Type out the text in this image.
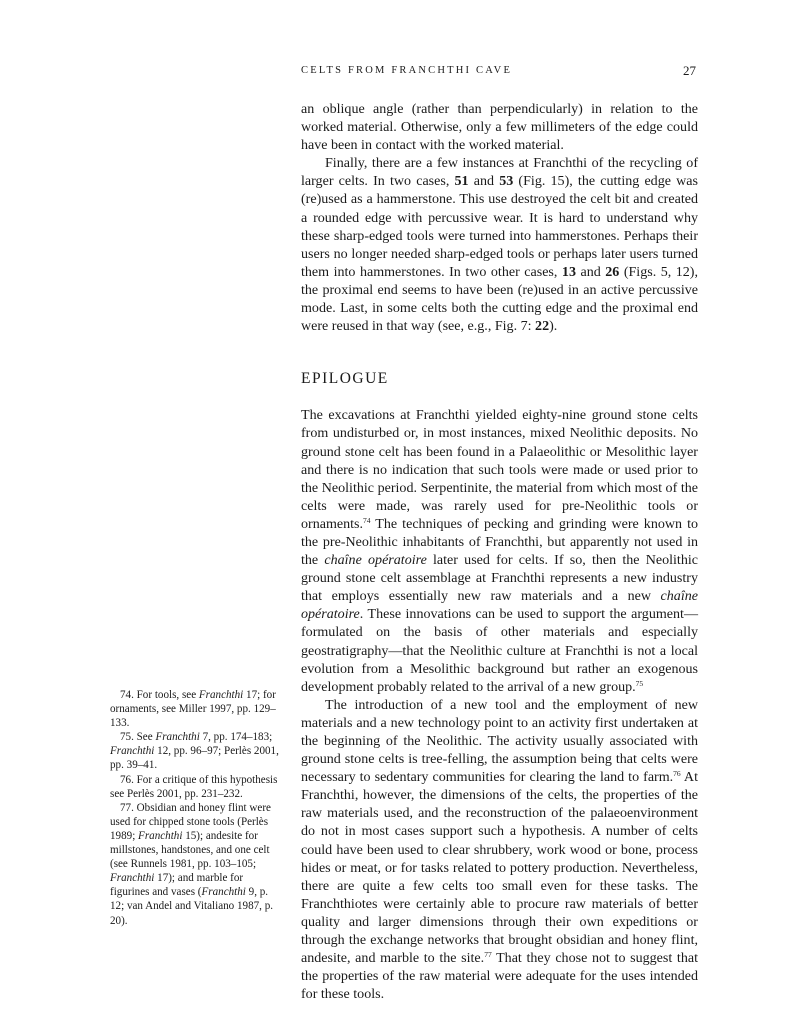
CELTS FROM FRANCHTHI CAVE	27

an oblique angle (rather than perpendicularly) in relation to the worked material. Otherwise, only a few millimeters of the edge could have been in contact with the worked material.

Finally, there are a few instances at Franchthi of the recycling of larger celts. In two cases, 51 and 53 (Fig. 15), the cutting edge was (re)used as a hammerstone. This use destroyed the celt bit and created a rounded edge with percussive wear. It is hard to understand why these sharp-edged tools were turned into hammerstones. Perhaps their users no longer needed sharp-edged tools or perhaps later users turned them into hammerstones. In two other cases, 13 and 26 (Figs. 5, 12), the proximal end seems to have been (re)used in an active percussive mode. Last, in some celts both the cutting edge and the proximal end were reused in that way (see, e.g., Fig. 7: 22).

EPILOGUE

The excavations at Franchthi yielded eighty-nine ground stone celts from undisturbed or, in most instances, mixed Neolithic deposits. No ground stone celt has been found in a Palaeolithic or Mesolithic layer and there is no indication that such tools were made or used prior to the Neolithic period. Serpentinite, the material from which most of the celts were made, was rarely used for pre-Neolithic tools or ornaments.$^{74}$ The techniques of pecking and grinding were known to the pre-Neolithic inhabitants of Franchthi, but apparently not used in the chaîne opératoire later used for celts. If so, then the Neolithic ground stone celt assemblage at Franchthi represents a new industry that employs essentially new raw materials and a new chaîne opératoire. These innovations can be used to support the argument—formulated on the basis of other materials and especially geostratigraphy—that the Neolithic culture at Franchthi is not a local evolution from a Mesolithic background but rather an exogenous development probably related to the arrival of a new group.$^{75}$

The introduction of a new tool and the employment of new materials and a new technology point to an activity first undertaken at the beginning of the Neolithic. The activity usually associated with ground stone celts is tree-felling, the assumption being that celts were necessary to sedentary communities for clearing the land to farm.$^{76}$ At Franchthi, however, the dimensions of the celts, the properties of the raw materials used, and the reconstruction of the palaeoenvironment do not in most cases support such a hypothesis. A number of celts could have been used to clear shrubbery, work wood or bone, process hides or meat, or for tasks related to pottery production. Nevertheless, there are quite a few celts too small even for these tasks. The Franchthiotes were certainly able to procure raw materials of better quality and larger dimensions through their own expeditions or through the exchange networks that brought obsidian and honey flint, andesite, and marble to the site.$^{77}$ That they chose not to suggest that the properties of the raw material were adequate for the uses intended for these tools.

74. For tools, see Franchthi 17; for ornaments, see Miller 1997, pp. 129–133.

75. See Franchthi 7, pp. 174–183; Franchthi 12, pp. 96–97; Perlès 2001, pp. 39–41.

76. For a critique of this hypothesis see Perlès 2001, pp. 231–232.

77. Obsidian and honey flint were used for chipped stone tools (Perlès 1989; Franchthi 15); andesite for millstones, handstones, and one celt (see Runnels 1981, pp. 103–105; Franchthi 17); and marble for figurines and vases (Franchthi 9, p. 12; van Andel and Vitaliano 1987, p. 20).
